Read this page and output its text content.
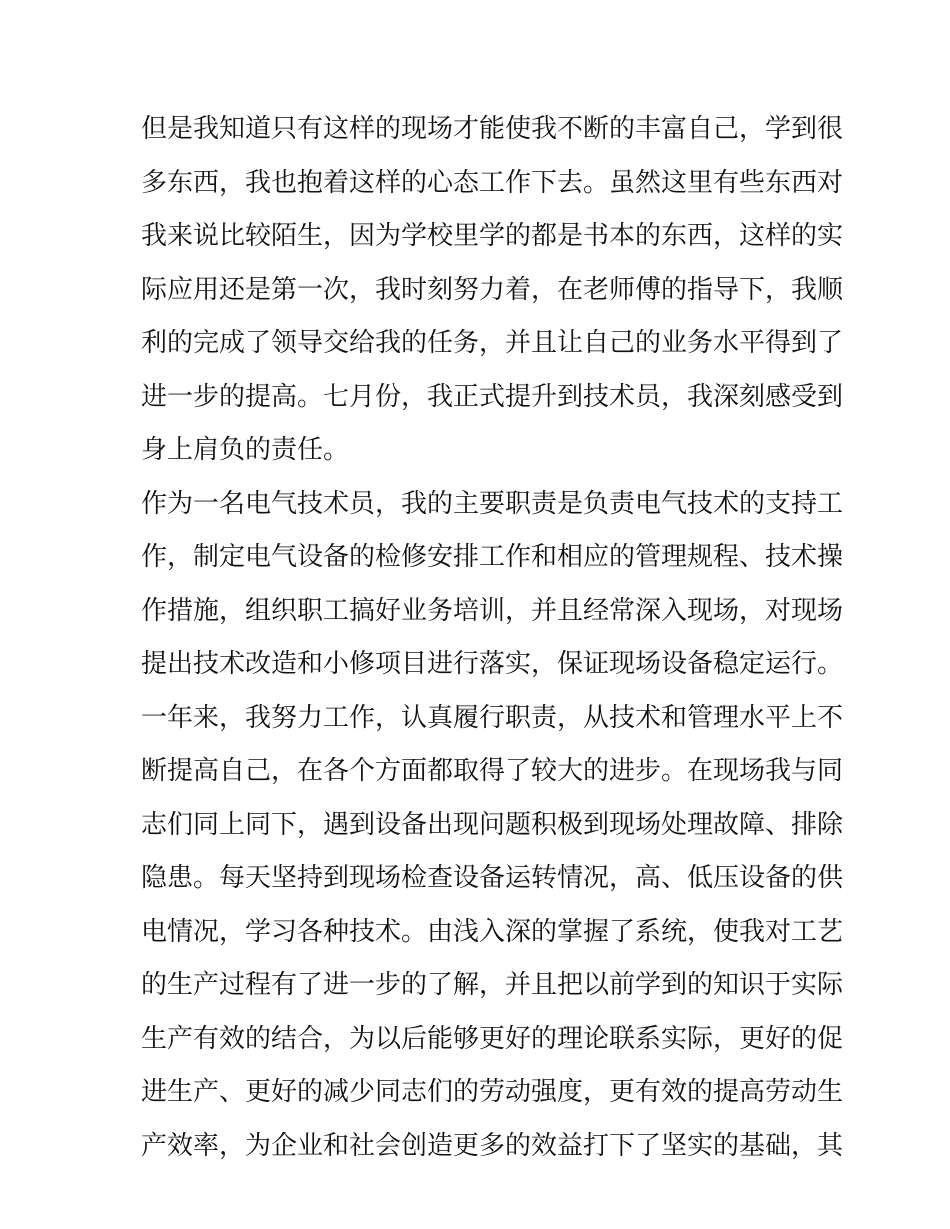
但是我知道只有这样的现场才能使我不断的丰富自己，学到很
多东西，我也抱着这样的心态工作下去。虽然这里有些东西对
我来说比较陌生，因为学校里学的都是书本的东西，这样的实
际应用还是第一次，我时刻努力着，在老师傅的指导下，我顺
利的完成了领导交给我的任务，并且让自己的业务水平得到了
进一步的提高。七月份，我正式提升到技术员，我深刻感受到
身上肩负的责任。
作为一名电气技术员，我的主要职责是负责电气技术的支持工
作，制定电气设备的检修安排工作和相应的管理规程、技术操
作措施，组织职工搞好业务培训，并且经常深入现场，对现场
提出技术改造和小修项目进行落实，保证现场设备稳定运行。
一年来，我努力工作，认真履行职责，从技术和管理水平上不
断提高自己，在各个方面都取得了较大的进步。在现场我与同
志们同上同下，遇到设备出现问题积极到现场处理故障、排除
隐患。每天坚持到现场检查设备运转情况，高、低压设备的供
电情况，学习各种技术。由浅入深的掌握了系统，使我对工艺
的生产过程有了进一步的了解，并且把以前学到的知识于实际
生产有效的结合，为以后能够更好的理论联系实际，更好的促
进生产、更好的减少同志们的劳动强度，更有效的提高劳动生
产效率，为企业和社会创造更多的效益打下了坚实的基础，其
